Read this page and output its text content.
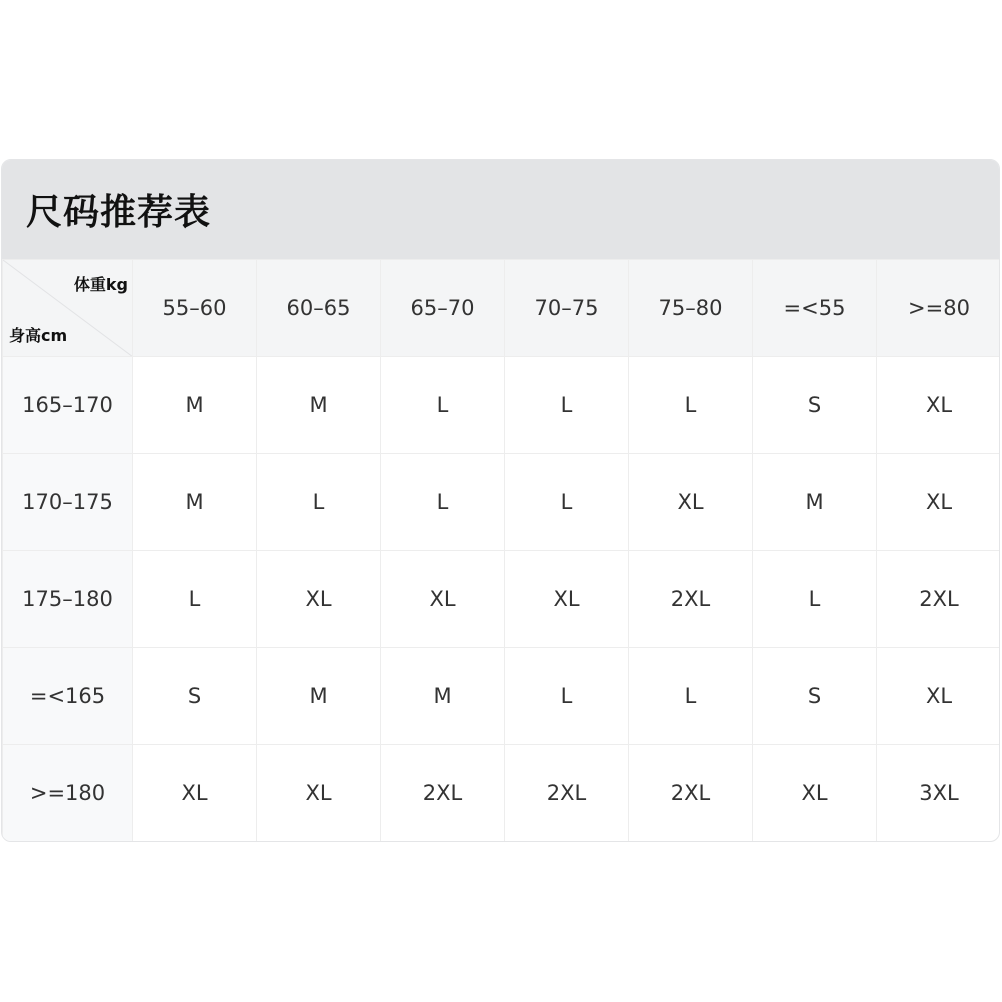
尺码推荐表
体重kg
身高cm	55–60	60–65	65–70	70–75	75–80	=<55	>=80
165–170	M	M	L	L	L	S	XL
170–175	M	L	L	L	XL	M	XL
175–180	L	XL	XL	XL	2XL	L	2XL
=<165	S	M	M	L	L	S	XL
>=180	XL	XL	2XL	2XL	2XL	XL	3XL
